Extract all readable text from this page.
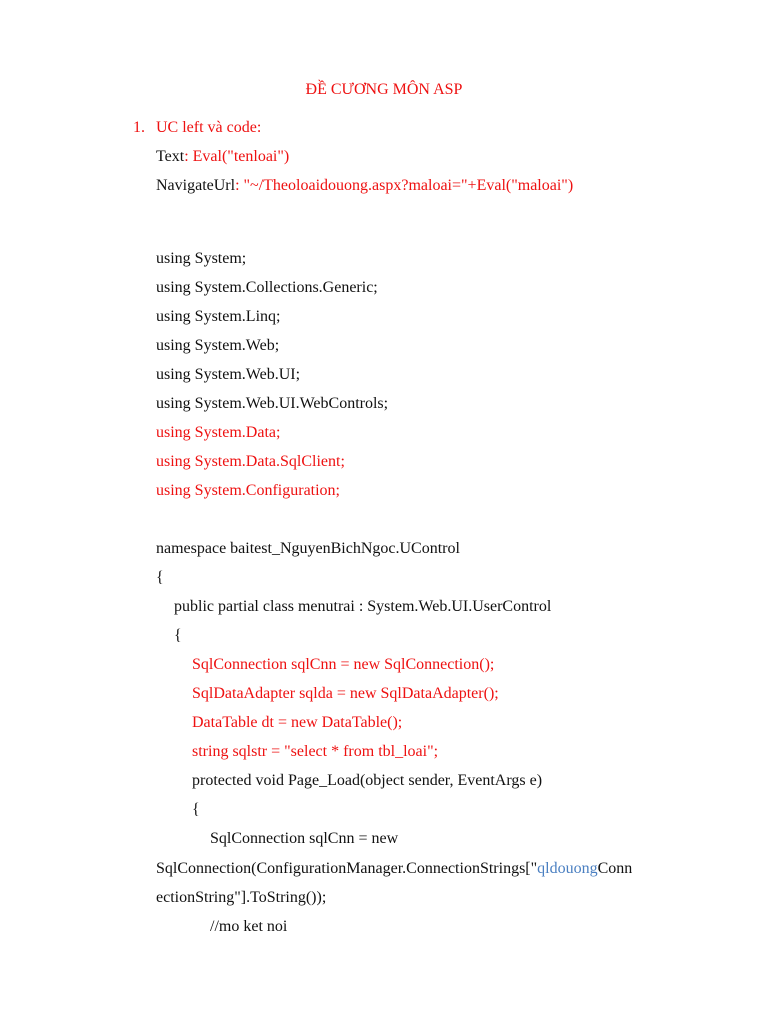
ĐỀ CƯƠNG MÔN ASP
1. UC left và code:
Text: Eval("tenloai")
NavigateUrl: "~/Theoloaidouong.aspx?maloai="+Eval("maloai")
using System;
using System.Collections.Generic;
using System.Linq;
using System.Web;
using System.Web.UI;
using System.Web.UI.WebControls;
using System.Data;
using System.Data.SqlClient;
using System.Configuration;
namespace baitest_NguyenBichNgoc.UControl
{
public partial class menutrai : System.Web.UI.UserControl
{
SqlConnection sqlCnn = new SqlConnection();
SqlDataAdapter sqlda = new SqlDataAdapter();
DataTable dt = new DataTable();
string sqlstr = "select * from tbl_loai";
protected void Page_Load(object sender, EventArgs e)
{
SqlConnection sqlCnn = new
SqlConnection(ConfigurationManager.ConnectionStrings["qldouongConn
ectionString"].ToString());
//mo ket noi
